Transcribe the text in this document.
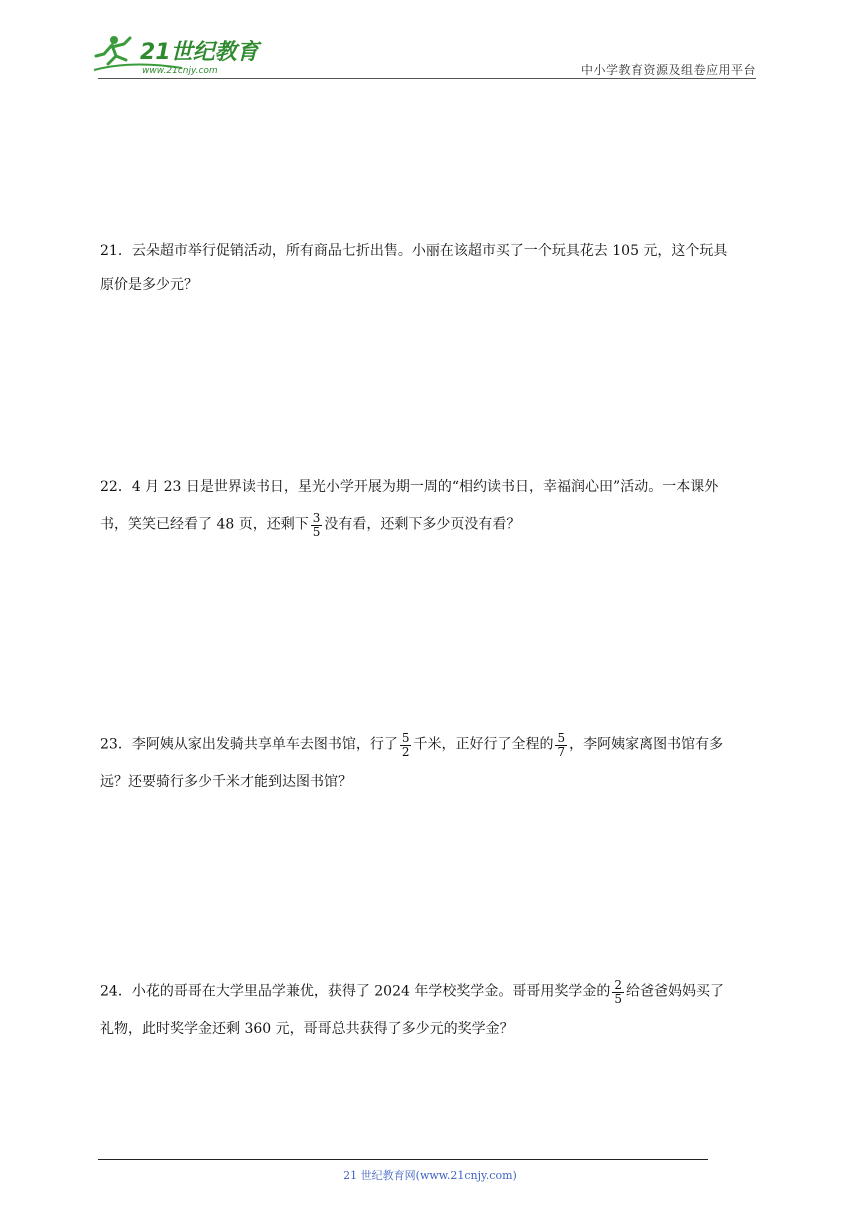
21世纪教育
www.21cnjy.com	中小学教育资源及组卷应用平台
21．云朵超市举行促销活动，所有商品七折出售。小丽在该超市买了一个玩具花去 105 元，这个玩具
原价是多少元？
22．4 月 23 日是世界读书日，星光小学开展为期一周的“相约读书日，幸福润心田”活动。一本课外
书，笑笑已经看了 48 页，还剩下 $\frac{3}{5}$ 没有看，还剩下多少页没有看？
23．李阿姨从家出发骑共享单车去图书馆，行了 $\frac{5}{2}$ 千米，正好行了全程的 $\frac{5}{7}$ ，李阿姨家离图书馆有多
远？还要骑行多少千米才能到达图书馆？
24．小花的哥哥在大学里品学兼优，获得了 2024 年学校奖学金。哥哥用奖学金的 $\frac{2}{5}$ 给爸爸妈妈买了
礼物，此时奖学金还剩 360 元，哥哥总共获得了多少元的奖学金？
21 世纪教育网(www.21cnjy.com)
